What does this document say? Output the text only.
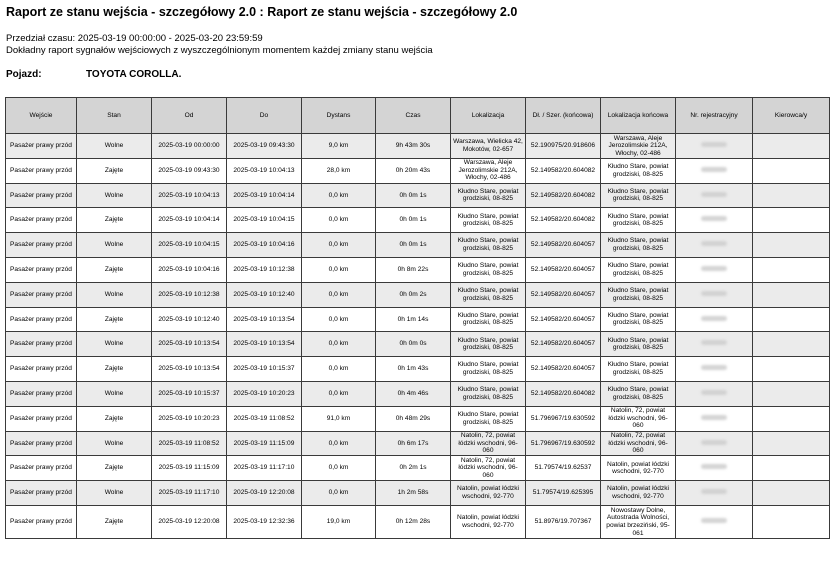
Raport ze stanu wejścia - szczegółowy 2.0 : Raport ze stanu wejścia - szczegółowy 2.0
Przedział czasu: 2025-03-19 00:00:00 - 2025-03-20 23:59:59
Dokładny raport sygnałów wejściowych z wyszczególnionym momentem każdej zmiany stanu wejścia
Pojazd:	TOYOTA COROLLA.
Wejście	Stan	Od	Do	Dystans	Czas	Lokalizacja	Dł. / Szer. (końcowa)	Lokalizacja końcowa	Nr. rejestracyjny	Kierowca/y
Pasażer prawy przód	Wolne	2025-03-19 00:00:00	2025-03-19 09:43:30	9,0 km	9h 43m 30s	Warszawa, Wielicka 42, Mokotów, 02-657	52.190975/20.918606	Warszawa, Aleje Jerozolimskie 212A, Włochy, 02-486		
Pasażer prawy przód	Zajęte	2025-03-19 09:43:30	2025-03-19 10:04:13	28,0 km	0h 20m 43s	Warszawa, Aleje Jerozolimskie 212A, Włochy, 02-486	52.149582/20.604082	Kłudno Stare, powiat grodziski, 08-825		
Pasażer prawy przód	Wolne	2025-03-19 10:04:13	2025-03-19 10:04:14	0,0 km	0h 0m 1s	Kłudno Stare, powiat grodziski, 08-825	52.149582/20.604082	Kłudno Stare, powiat grodziski, 08-825		
Pasażer prawy przód	Zajęte	2025-03-19 10:04:14	2025-03-19 10:04:15	0,0 km	0h 0m 1s	Kłudno Stare, powiat grodziski, 08-825	52.149582/20.604082	Kłudno Stare, powiat grodziski, 08-825		
Pasażer prawy przód	Wolne	2025-03-19 10:04:15	2025-03-19 10:04:16	0,0 km	0h 0m 1s	Kłudno Stare, powiat grodziski, 08-825	52.149582/20.604057	Kłudno Stare, powiat grodziski, 08-825		
Pasażer prawy przód	Zajęte	2025-03-19 10:04:16	2025-03-19 10:12:38	0,0 km	0h 8m 22s	Kłudno Stare, powiat grodziski, 08-825	52.149582/20.604057	Kłudno Stare, powiat grodziski, 08-825		
Pasażer prawy przód	Wolne	2025-03-19 10:12:38	2025-03-19 10:12:40	0,0 km	0h 0m 2s	Kłudno Stare, powiat grodziski, 08-825	52.149582/20.604057	Kłudno Stare, powiat grodziski, 08-825		
Pasażer prawy przód	Zajęte	2025-03-19 10:12:40	2025-03-19 10:13:54	0,0 km	0h 1m 14s	Kłudno Stare, powiat grodziski, 08-825	52.149582/20.604057	Kłudno Stare, powiat grodziski, 08-825		
Pasażer prawy przód	Wolne	2025-03-19 10:13:54	2025-03-19 10:13:54	0,0 km	0h 0m 0s	Kłudno Stare, powiat grodziski, 08-825	52.149582/20.604057	Kłudno Stare, powiat grodziski, 08-825		
Pasażer prawy przód	Zajęte	2025-03-19 10:13:54	2025-03-19 10:15:37	0,0 km	0h 1m 43s	Kłudno Stare, powiat grodziski, 08-825	52.149582/20.604057	Kłudno Stare, powiat grodziski, 08-825		
Pasażer prawy przód	Wolne	2025-03-19 10:15:37	2025-03-19 10:20:23	0,0 km	0h 4m 46s	Kłudno Stare, powiat grodziski, 08-825	52.149582/20.604082	Kłudno Stare, powiat grodziski, 08-825		
Pasażer prawy przód	Zajęte	2025-03-19 10:20:23	2025-03-19 11:08:52	91,0 km	0h 48m 29s	Kłudno Stare, powiat grodziski, 08-825	51.796967/19.630592	Natolin, 72, powiat łódzki wschodni, 96-060		
Pasażer prawy przód	Wolne	2025-03-19 11:08:52	2025-03-19 11:15:09	0,0 km	0h 6m 17s	Natolin, 72, powiat łódzki wschodni, 96-060	51.796967/19.630592	Natolin, 72, powiat łódzki wschodni, 96-060		
Pasażer prawy przód	Zajęte	2025-03-19 11:15:09	2025-03-19 11:17:10	0,0 km	0h 2m 1s	Natolin, 72, powiat łódzki wschodni, 96-060	51.79574/19.62537	Natolin, powiat łódzki wschodni, 92-770		
Pasażer prawy przód	Wolne	2025-03-19 11:17:10	2025-03-19 12:20:08	0,0 km	1h 2m 58s	Natolin, powiat łódzki wschodni, 92-770	51.79574/19.625395	Natolin, powiat łódzki wschodni, 92-770		
Pasażer prawy przód	Zajęte	2025-03-19 12:20:08	2025-03-19 12:32:36	19,0 km	0h 12m 28s	Natolin, powiat łódzki wschodni, 92-770	51.8976/19.707367	Nowostawy Dolne, Autostrada Wolności, powiat brzeziński, 95-061		
